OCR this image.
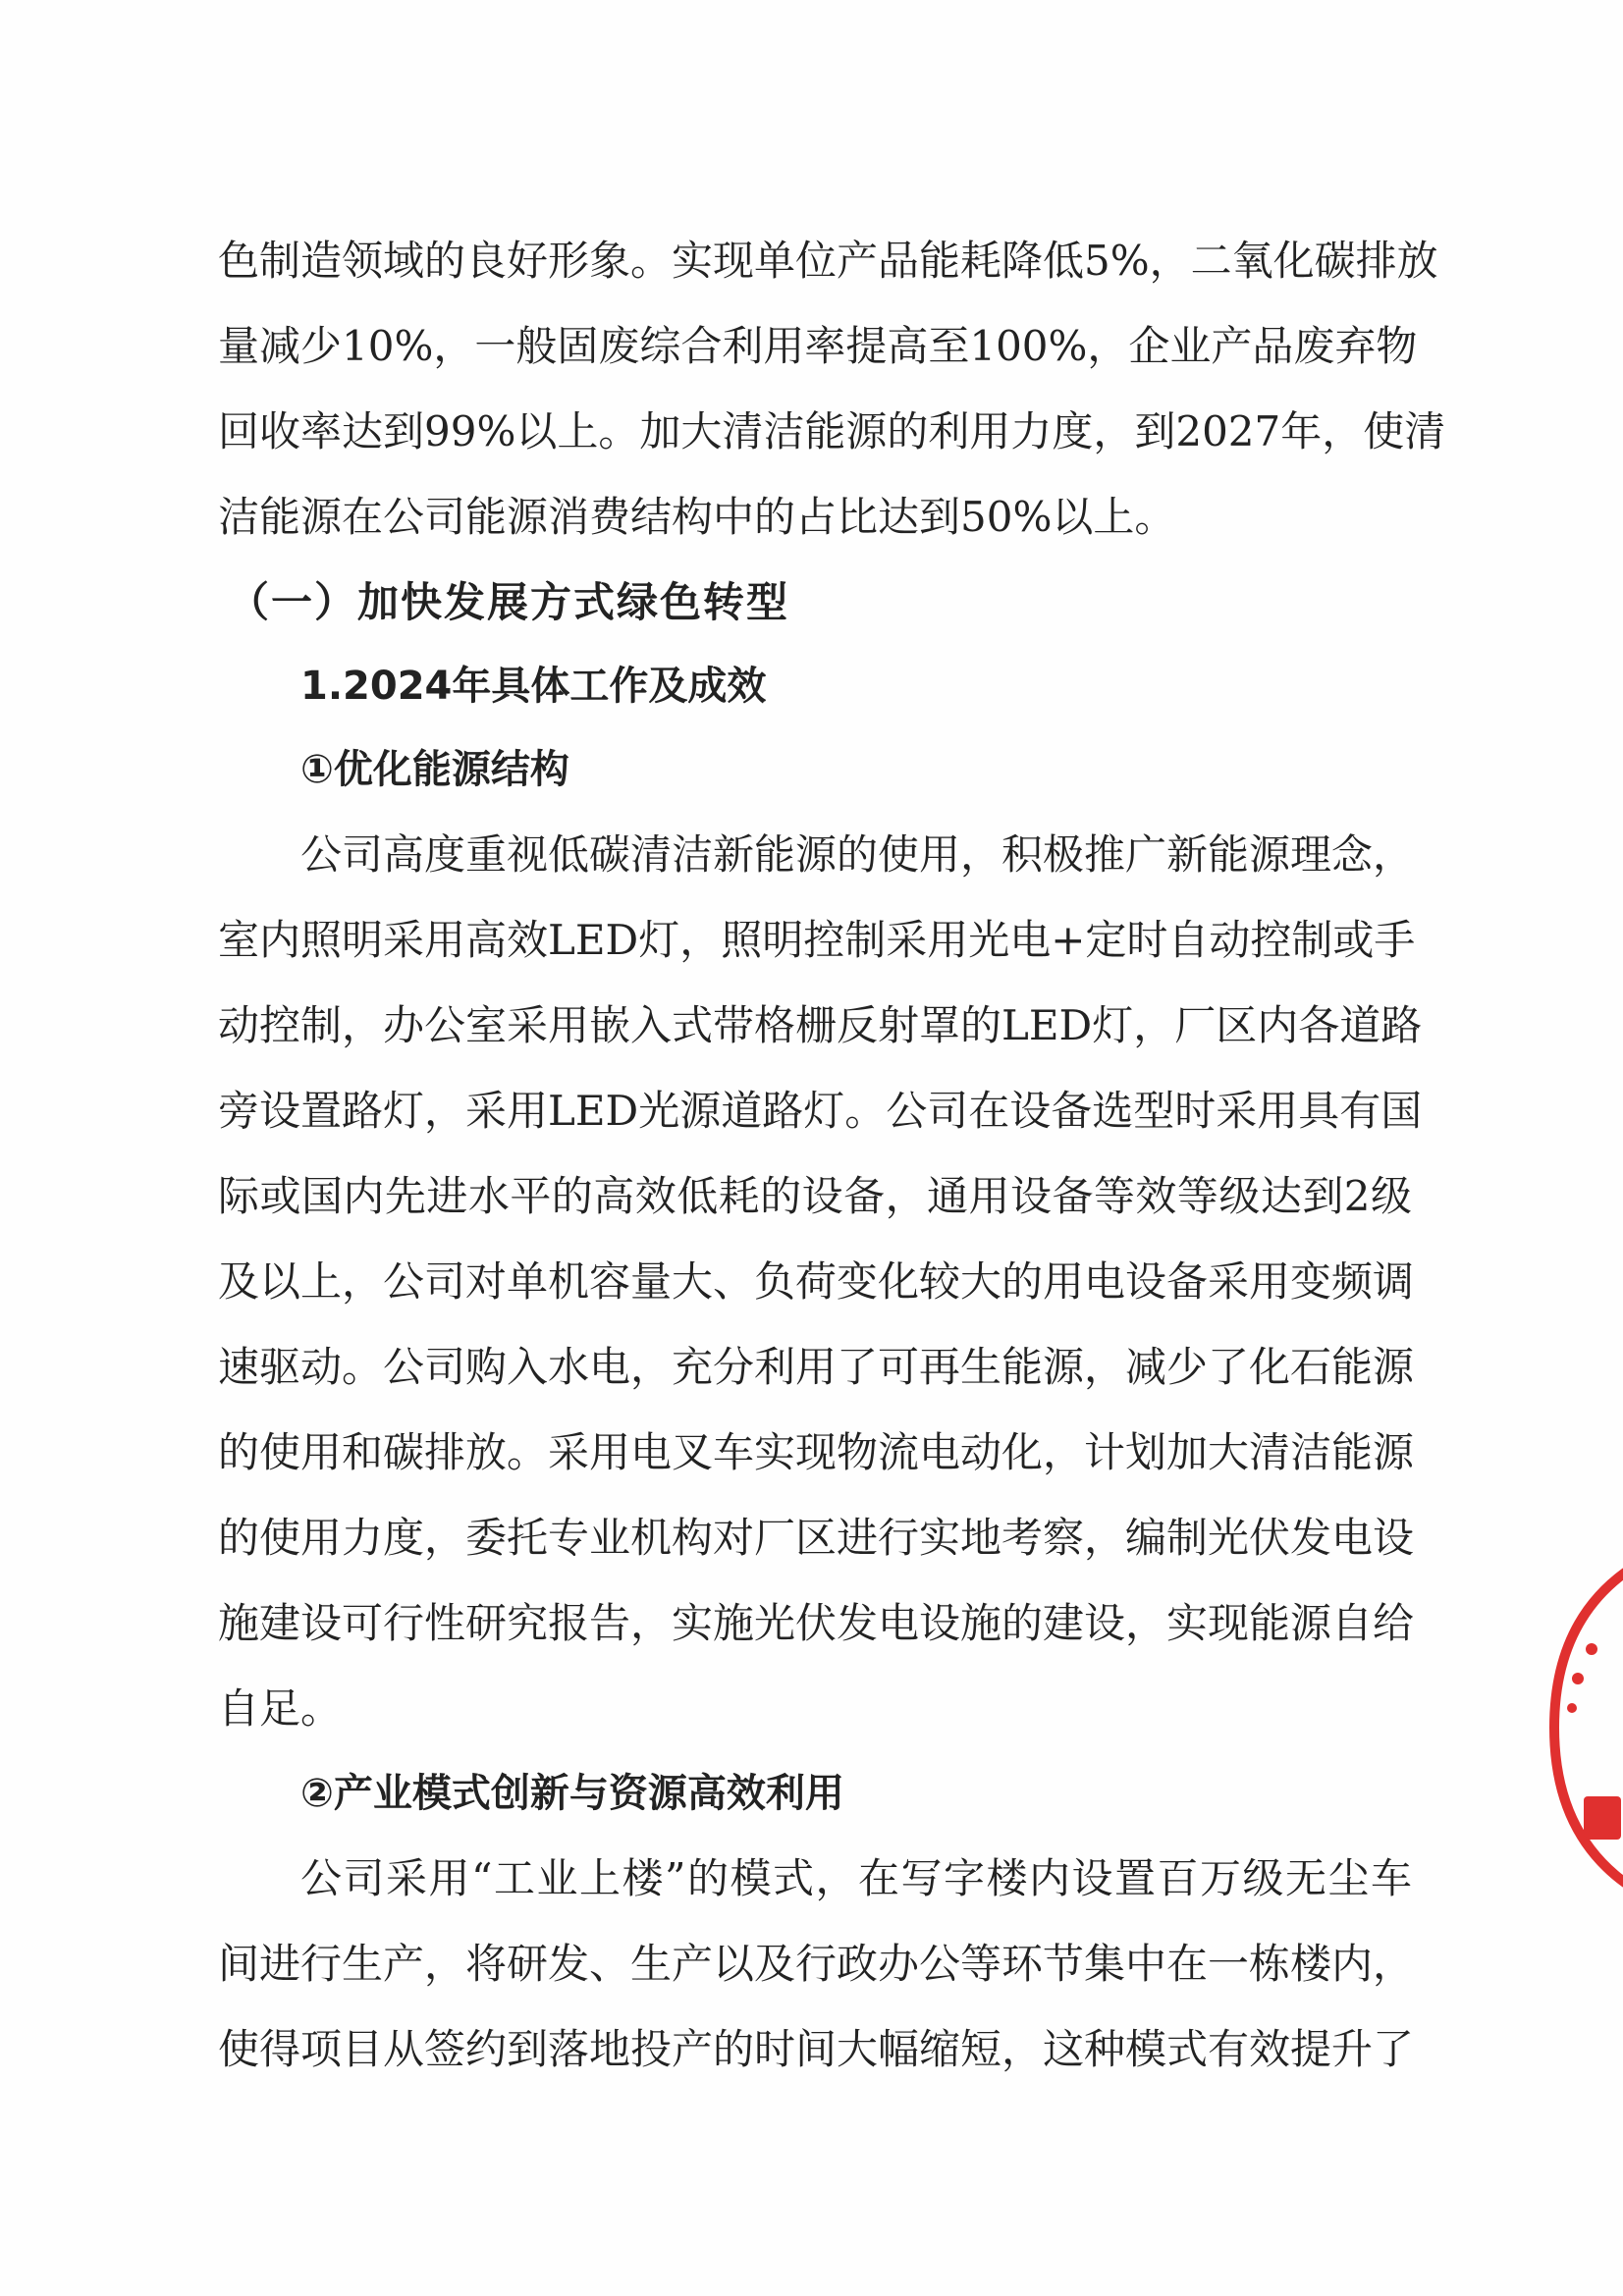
色制造领域的良好形象。实现单位产品能耗降低5%，二氧化碳排放
量减少10%，一般固废综合利用率提高至100%，企业产品废弃物
回收率达到99%以上。加大清洁能源的利用力度，到2027年，使清
洁能源在公司能源消费结构中的占比达到50%以上。
（一）加快发展方式绿色转型
1.2024年具体工作及成效
①优化能源结构
公司高度重视低碳清洁新能源的使用，积极推广新能源理念，
室内照明采用高效LED灯，照明控制采用光电+定时自动控制或手
动控制，办公室采用嵌入式带格栅反射罩的LED灯，厂区内各道路
旁设置路灯，采用LED光源道路灯。公司在设备选型时采用具有国
际或国内先进水平的高效低耗的设备，通用设备等效等级达到2级
及以上，公司对单机容量大、负荷变化较大的用电设备采用变频调
速驱动。公司购入水电，充分利用了可再生能源，减少了化石能源
的使用和碳排放。采用电叉车实现物流电动化，计划加大清洁能源
的使用力度，委托专业机构对厂区进行实地考察，编制光伏发电设
施建设可行性研究报告，实施光伏发电设施的建设，实现能源自给
自足。
②产业模式创新与资源高效利用
公司采用“工业上楼”的模式，在写字楼内设置百万级无尘车
间进行生产，将研发、生产以及行政办公等环节集中在一栋楼内，
使得项目从签约到落地投产的时间大幅缩短，这种模式有效提升了
